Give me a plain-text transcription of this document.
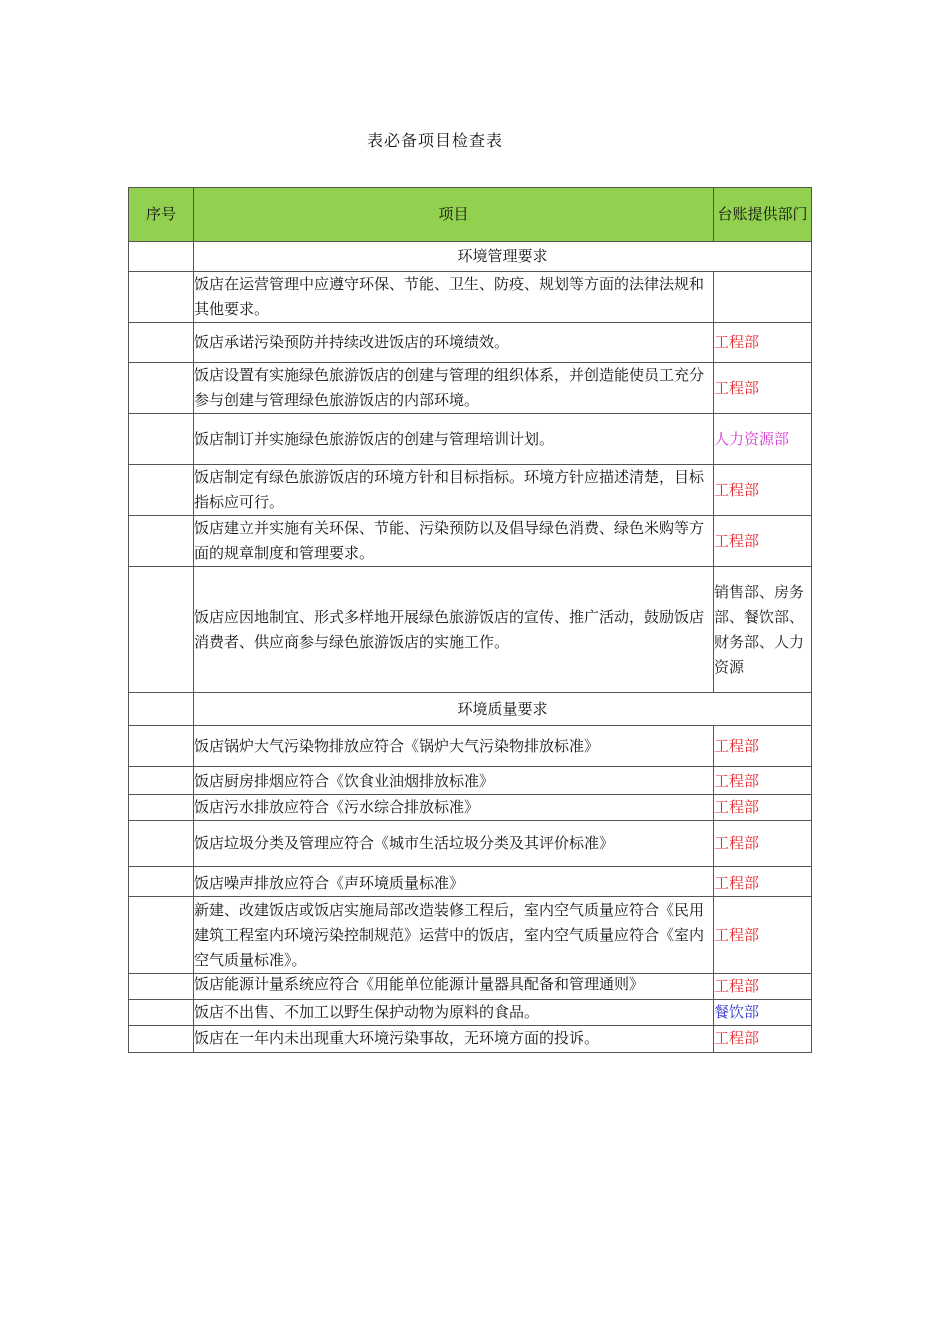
表必备项目检查表
序号	项目	台账提供部门
	环境管理要求	
	饭店在运营管理中应遵守环保、节能、卫生、防疫、规划等方面的法律法规和其他要求。	
	饭店承诺污染预防并持续改进饭店的环境绩效。	工程部
	饭店设置有实施绿色旅游饭店的创建与管理的组织体系，并创造能使员工充分参与创建与管理绿色旅游饭店的内部环境。	工程部
	饭店制订并实施绿色旅游饭店的创建与管理培训计划。	人力资源部
	饭店制定有绿色旅游饭店的环境方针和目标指标。环境方针应描述清楚，目标指标应可行。	工程部
	饭店建立并实施有关环保、节能、污染预防以及倡导绿色消费、绿色米购等方面的规章制度和管理要求。	工程部
	饭店应因地制宜、形式多样地开展绿色旅游饭店的宣传、推广活动，鼓励饭店消费者、供应商参与绿色旅游饭店的实施工作。	销售部、房务部、餐饮部、财务部、人力资源
	环境质量要求	
	饭店锅炉大气污染物排放应符合《锅炉大气污染物排放标准》	工程部
	饭店厨房排烟应符合《饮食业油烟排放标准》	工程部
	饭店污水排放应符合《污水综合排放标准》	工程部
	饭店垃圾分类及管理应符合《城市生活垃圾分类及其评价标准》	工程部
	饭店噪声排放应符合《声环境质量标准》	工程部
	新建、改建饭店或饭店实施局部改造装修工程后，室内空气质量应符合《民用建筑工程室内环境污染控制规范》运营中的饭店，室内空气质量应符合《室内空气质量标准》。	工程部

	饭店能源计量系统应符合《用能单位能源计量器具配备和管理通则》	工程部
	饭店不出售、不加工以野生保护动物为原料的食品。	餐饮部
	饭店在一年内未出现重大环境污染事故，无环境方面的投诉。	工程部
